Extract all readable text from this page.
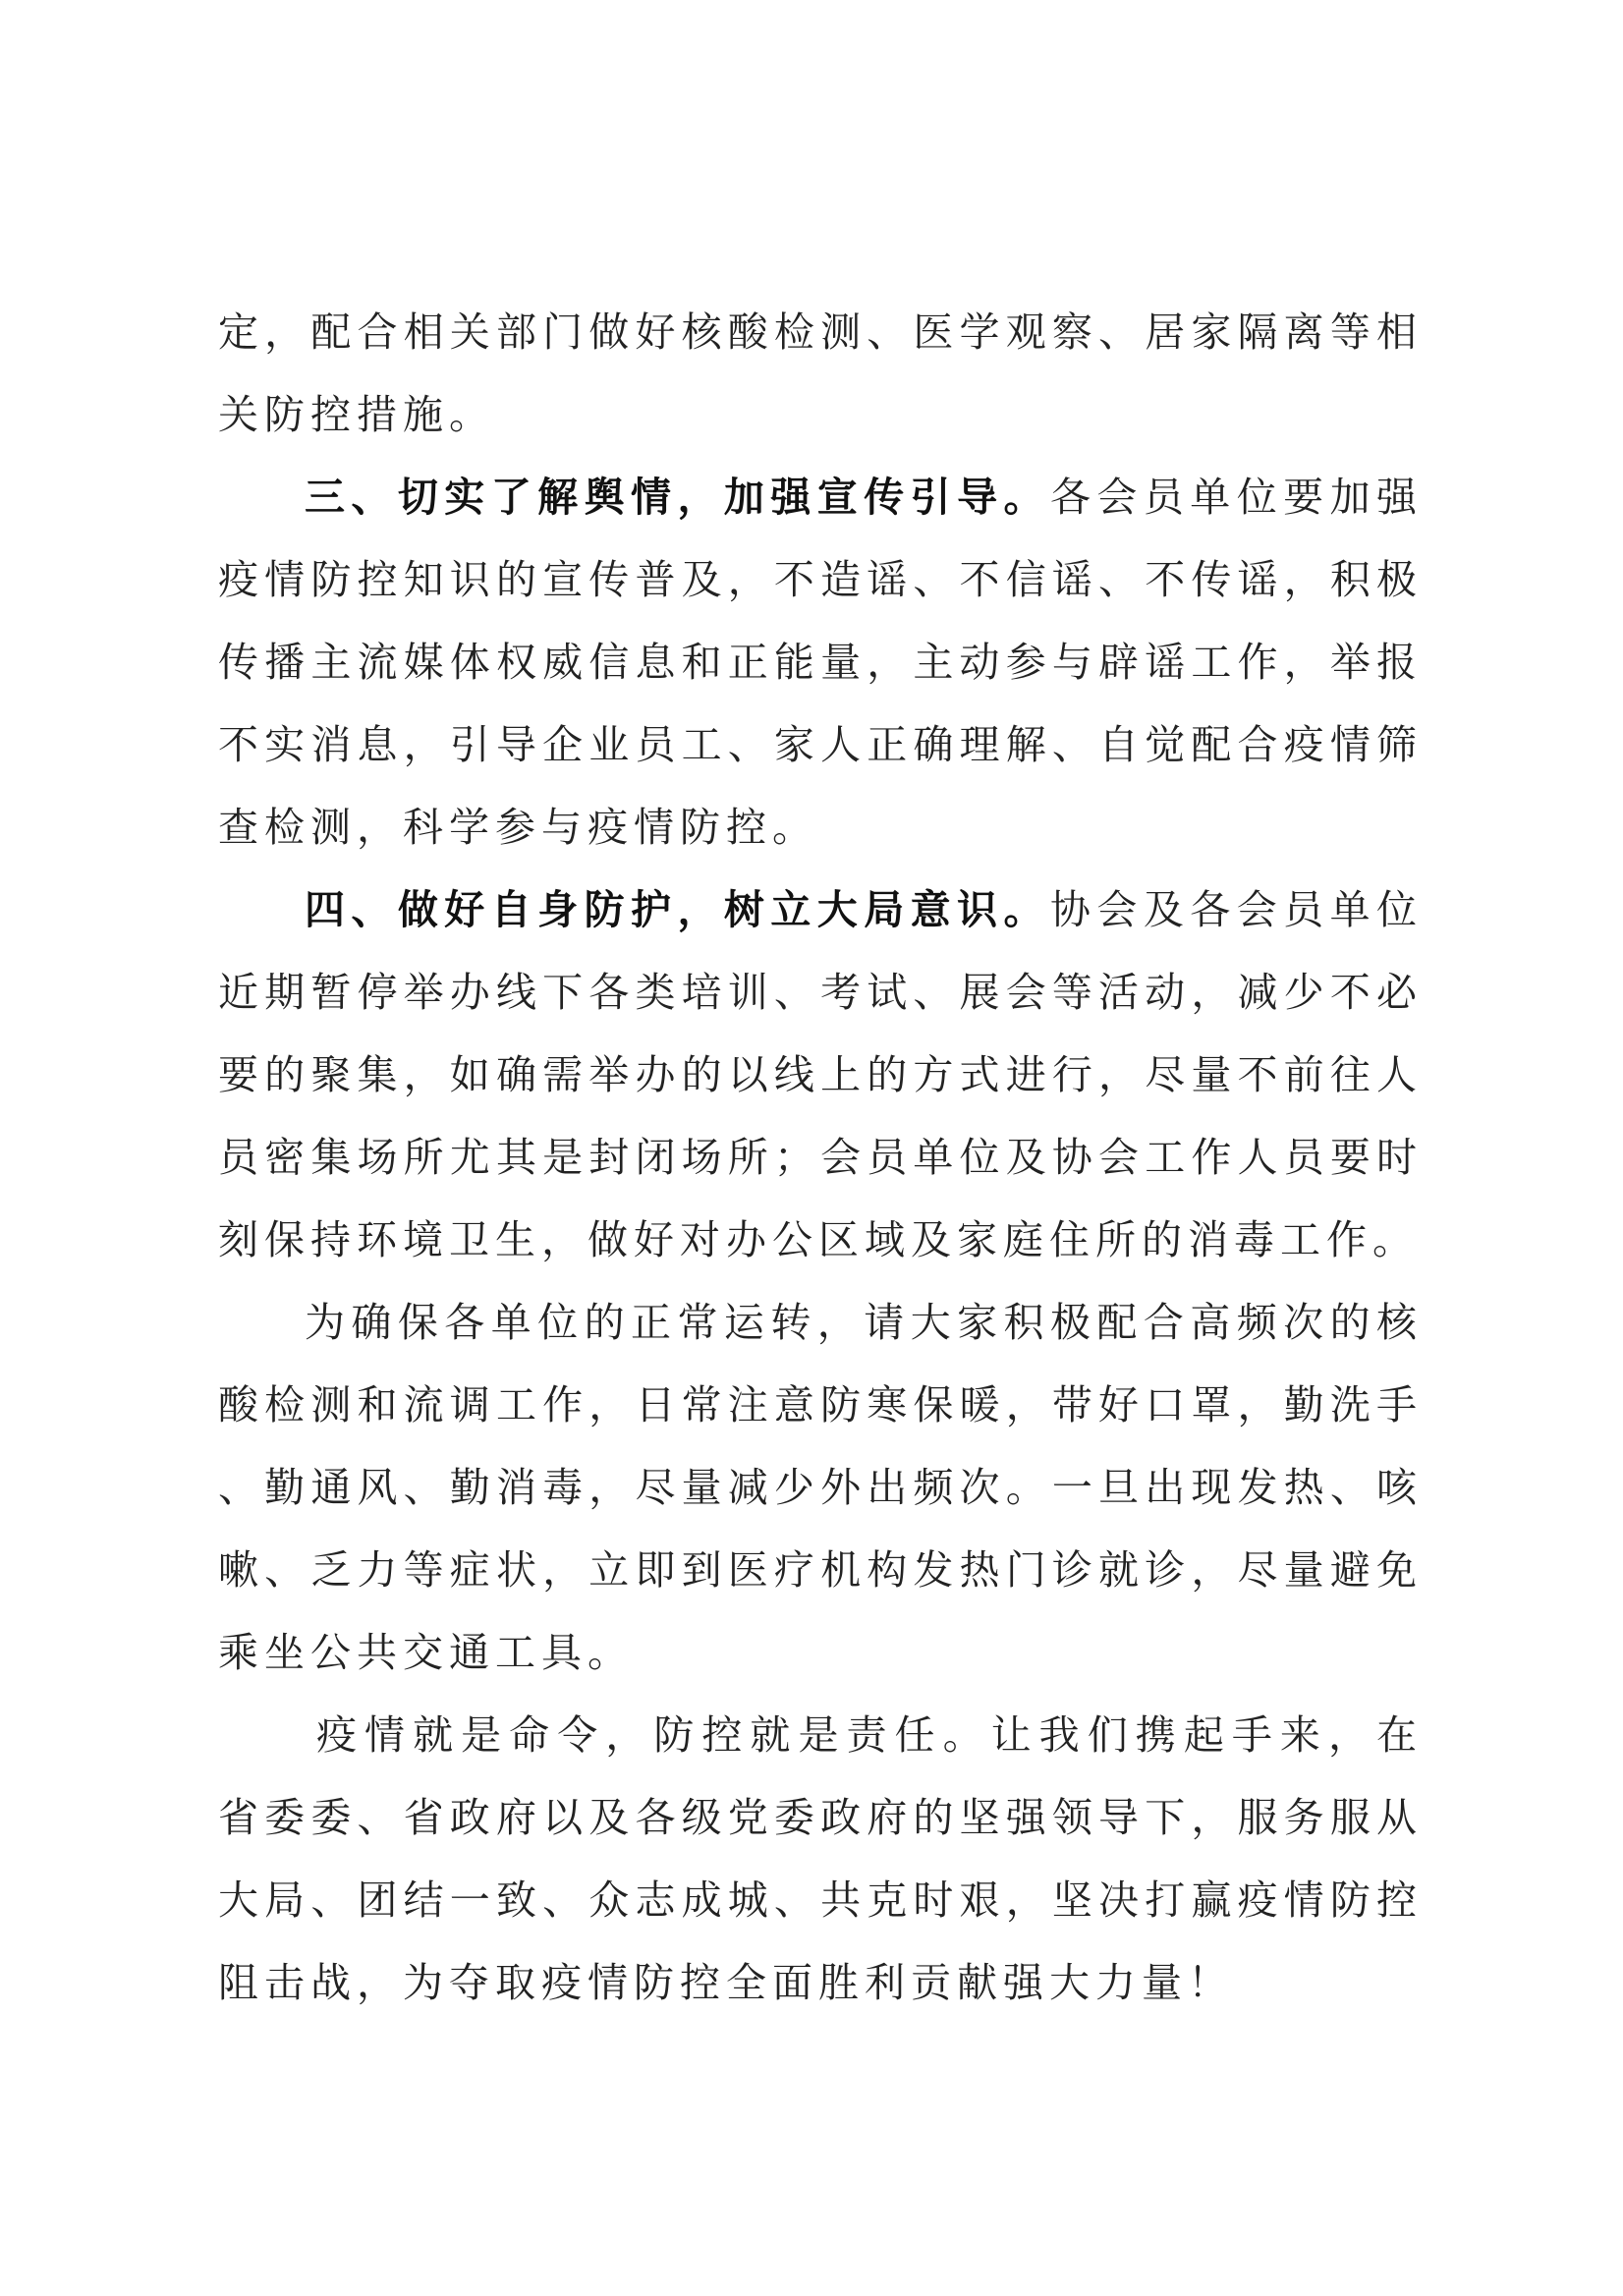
定，配合相关部门做好核酸检测、医学观察、居家隔离等相关防控措施。

三、切实了解舆情，加强宣传引导。各会员单位要加强疫情防控知识的宣传普及，不造谣、不信谣、不传谣，积极传播主流媒体权威信息和正能量，主动参与辟谣工作，举报不实消息，引导企业员工、家人正确理解、自觉配合疫情筛查检测，科学参与疫情防控。

四、做好自身防护，树立大局意识。协会及各会员单位近期暂停举办线下各类培训、考试、展会等活动，减少不必要的聚集，如确需举办的以线上的方式进行，尽量不前往人员密集场所尤其是封闭场所；会员单位及协会工作人员要时刻保持环境卫生，做好对办公区域及家庭住所的消毒工作。

为确保各单位的正常运转，请大家积极配合高频次的核酸检测和流调工作，日常注意防寒保暖，带好口罩，勤洗手、勤通风、勤消毒，尽量减少外出频次。一旦出现发热、咳嗽、乏力等症状，立即到医疗机构发热门诊就诊，尽量避免乘坐公共交通工具。

疫情就是命令，防控就是责任。让我们携起手来，在省委委、省政府以及各级党委政府的坚强领导下，服务服从大局、团结一致、众志成城、共克时艰，坚决打赢疫情防控阻击战，为夺取疫情防控全面胜利贡献强大力量！
